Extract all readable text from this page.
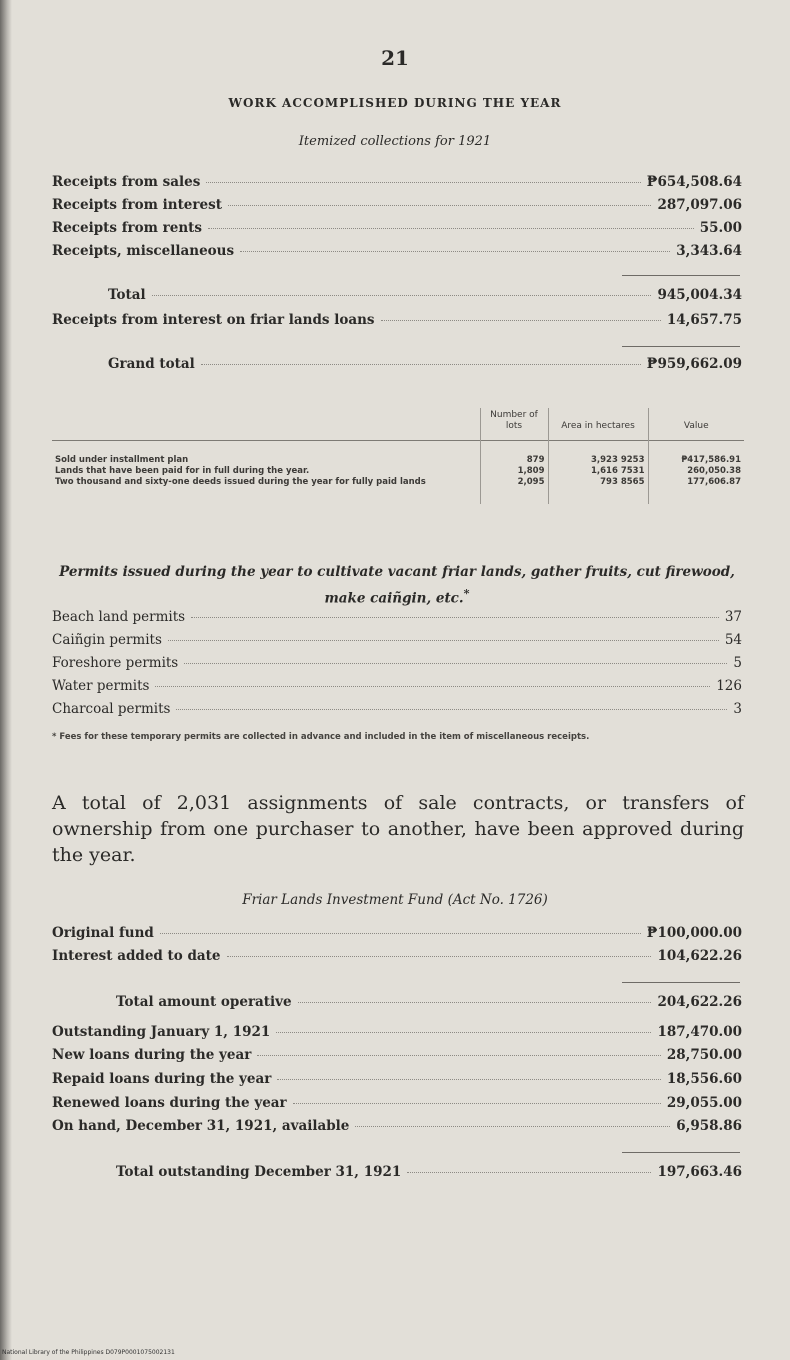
21
WORK ACCOMPLISHED DURING THE YEAR
Itemized collections for 1921
Receipts from sales	₱654,508.64
Receipts from interest	287,097.06
Receipts from rents	55.00
Receipts, miscellaneous	3,343.64
Total	945,004.34
Receipts from interest on friar lands loans	14,657.75
Grand total	₱959,662.09
	Number of lots	Area in hectares	Value
Sold under installment plan	879	3,923 9253	₱417,586.91
Lands that have been paid for in full during the year.	1,809	1,616 7531	260,050.38
Two thousand and sixty-one deeds issued during the year for fully paid lands	2,095	793 8565	177,606.87
Permits issued during the year to cultivate vacant friar lands, gather fruits, cut firewood, make caiñgin, etc.*
Beach land permits	37
Caiñgin permits	54
Foreshore permits	5
Water permits	126
Charcoal permits	3
* Fees for these temporary permits are collected in advance and included in the item of miscellaneous receipts.
A total of 2,031 assignments of sale contracts, or transfers of ownership from one purchaser to another, have been approved during the year.
Friar Lands Investment Fund (Act No. 1726)
Original fund	₱100,000.00
Interest added to date	104,622.26
Total amount operative	204,622.26
Outstanding January 1, 1921	187,470.00
New loans during the year	28,750.00
Repaid loans during the year	18,556.60
Renewed loans during the year	29,055.00
On hand, December 31, 1921, available	6,958.86
Total outstanding December 31, 1921	197,663.46
National Library of the Philippines D079P0001075002131
